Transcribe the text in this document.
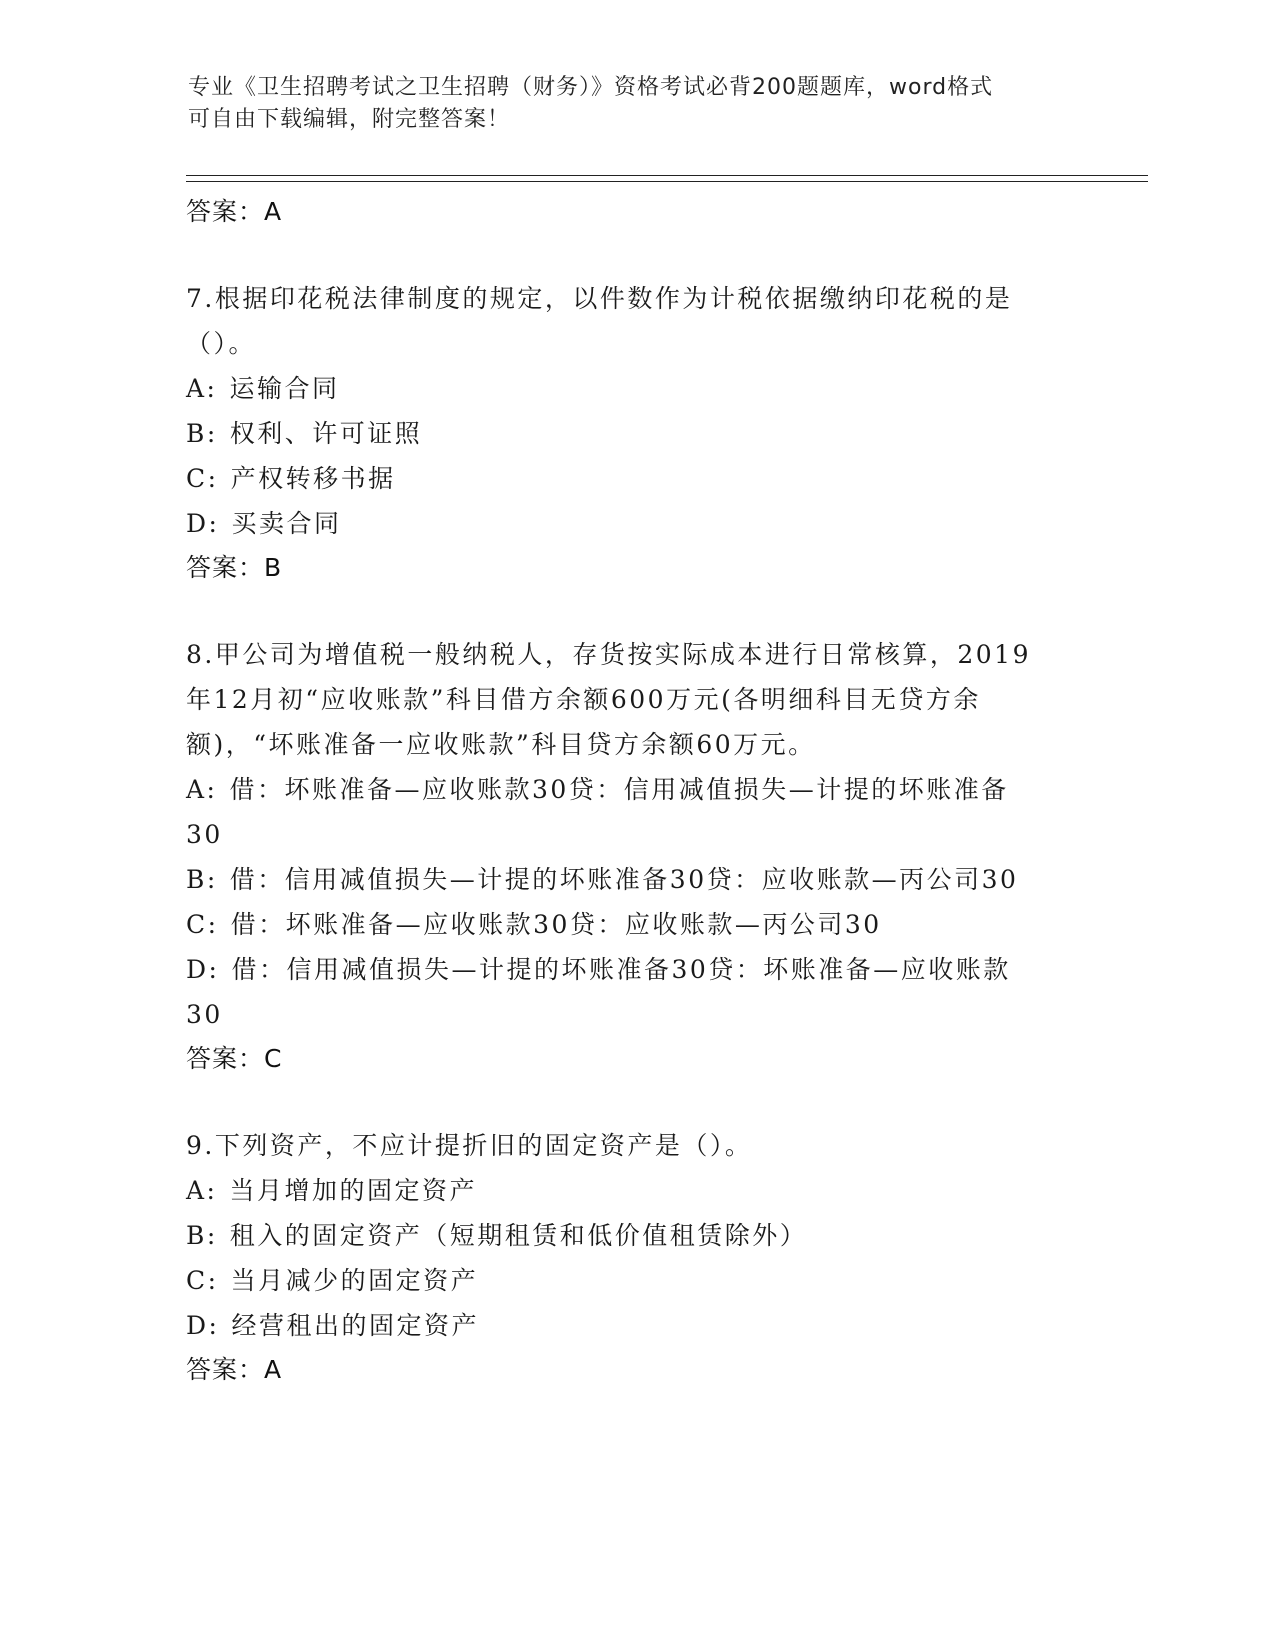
专业《卫生招聘考试之卫生招聘（财务）》资格考试必背200题题库，word格式
可自由下载编辑，附完整答案！

答案：A

7.根据印花税法律制度的规定，以件数作为计税依据缴纳印花税的是

（）。

A: 运输合同

B: 权利、许可证照

C: 产权转移书据

D: 买卖合同

答案：B

8.甲公司为增值税一般纳税人，存货按实际成本进行日常核算，2019

年12月初“应收账款”科目借方余额600万元(各明细科目无贷方余

额)，“坏账准备一应收账款”科目贷方余额60万元。

A: 借：坏账准备—应收账款30贷：信用减值损失—计提的坏账准备

30

B: 借：信用减值损失—计提的坏账准备30贷：应收账款—丙公司30

C: 借：坏账准备—应收账款30贷：应收账款—丙公司30

D: 借：信用减值损失—计提的坏账准备30贷：坏账准备—应收账款

30

答案：C

9.下列资产，不应计提折旧的固定资产是（）。

A: 当月增加的固定资产

B: 租入的固定资产（短期租赁和低价值租赁除外）

C: 当月减少的固定资产

D: 经营租出的固定资产

答案：A
